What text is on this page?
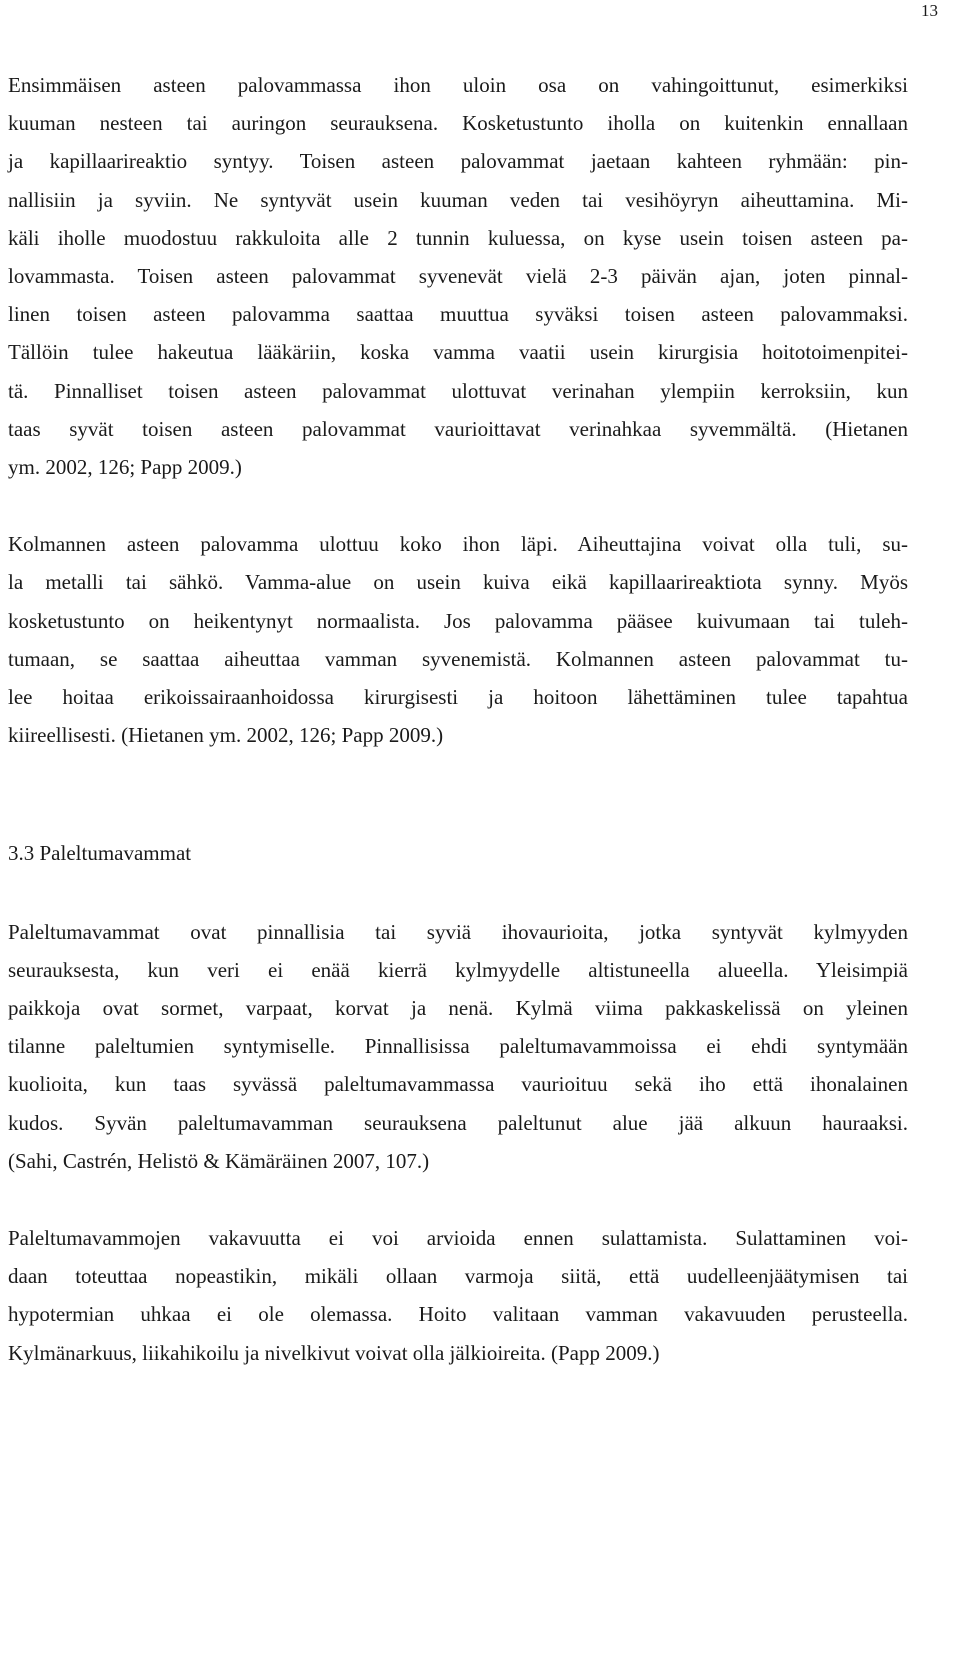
13
Ensimmäisen asteen palovammassa ihon uloin osa on vahingoittunut, esimerkiksi
kuuman nesteen tai auringon seurauksena. Kosketustunto iholla on kuitenkin ennallaan
ja kapillaarireaktio syntyy. Toisen asteen palovammat jaetaan kahteen ryhmään: pin-
nallisiin ja syviin. Ne syntyvät usein kuuman veden tai vesihöyryn aiheuttamina. Mi-
käli iholle muodostuu rakkuloita alle 2 tunnin kuluessa, on kyse usein toisen asteen pa-
lovammasta. Toisen asteen palovammat syvenevät vielä 2-3 päivän ajan, joten pinnal-
linen toisen asteen palovamma saattaa muuttua syväksi toisen asteen palovammaksi.
Tällöin tulee hakeutua lääkäriin, koska vamma vaatii usein kirurgisia hoitotoimenpitei-
tä. Pinnalliset toisen asteen palovammat ulottuvat verinahan ylempiin kerroksiin, kun
taas syvät toisen asteen palovammat vaurioittavat verinahkaa syvemmältä. (Hietanen
ym. 2002, 126; Papp 2009.)
Kolmannen asteen palovamma ulottuu koko ihon läpi. Aiheuttajina voivat olla tuli, su-
la metalli tai sähkö. Vamma-alue on usein kuiva eikä kapillaarireaktiota synny. Myös
kosketustunto on heikentynyt normaalista. Jos palovamma pääsee kuivumaan tai tuleh-
tumaan, se saattaa aiheuttaa vamman syvenemistä. Kolmannen asteen palovammat tu-
lee hoitaa erikoissairaanhoidossa kirurgisesti ja hoitoon lähettäminen tulee tapahtua
kiireellisesti. (Hietanen ym. 2002, 126; Papp 2009.)
3.3 Paleltumavammat
Paleltumavammat ovat pinnallisia tai syviä ihovaurioita, jotka syntyvät kylmyyden
seurauksesta, kun veri ei enää kierrä kylmyydelle altistuneella alueella. Yleisimpiä
paikkoja ovat sormet, varpaat, korvat ja nenä. Kylmä viima pakkaskelissä on yleinen
tilanne paleltumien syntymiselle. Pinnallisissa paleltumavammoissa ei ehdi syntymään
kuolioita, kun taas syvässä paleltumavammassa vaurioituu sekä iho että ihonalainen
kudos. Syvän paleltumavamman seurauksena paleltunut alue jää alkuun hauraaksi.
(Sahi, Castrén, Helistö & Kämäräinen 2007, 107.)
Paleltumavammojen vakavuutta ei voi arvioida ennen sulattamista. Sulattaminen voi-
daan toteuttaa nopeastikin, mikäli ollaan varmoja siitä, että uudelleenjäätymisen tai
hypotermian uhkaa ei ole olemassa. Hoito valitaan vamman vakavuuden perusteella.
Kylmänarkuus, liikahikoilu ja nivelkivut voivat olla jälkioireita. (Papp 2009.)
